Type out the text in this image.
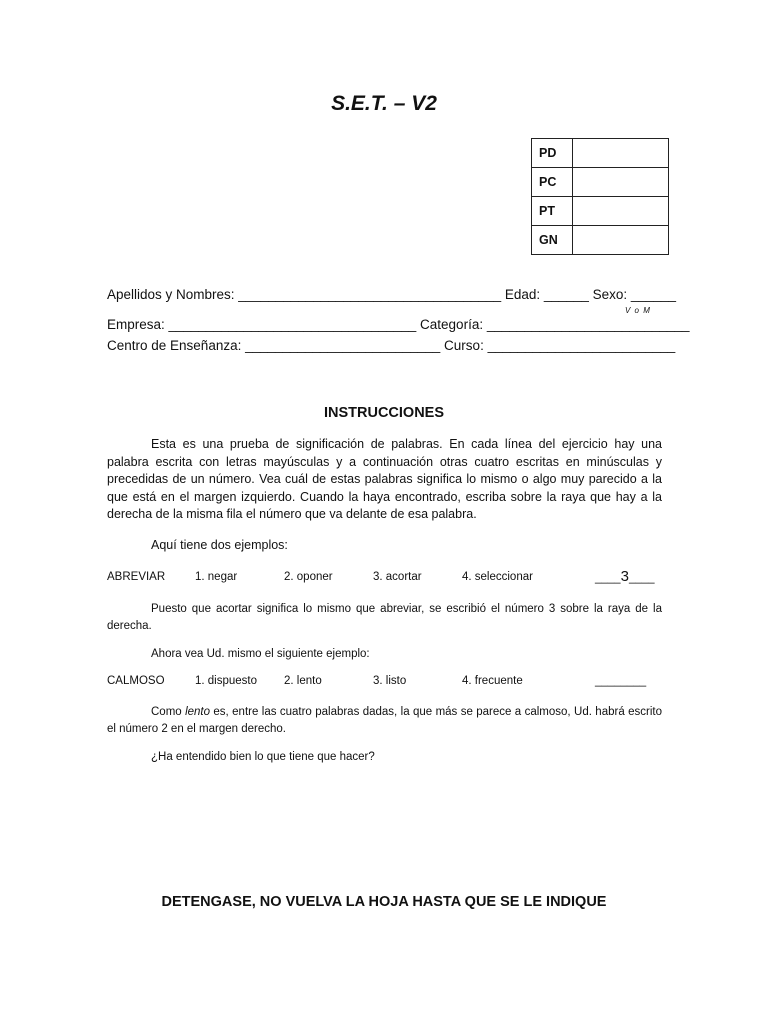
S.E.T. – V2
PD	
PC	
PT	
GN	
Apellidos y Nombres: ___________________________________ Edad: ______ Sexo: ______
V o M
Empresa: _________________________________ Categoría: ___________________________
Centro de Enseñanza: __________________________ Curso: _________________________
INSTRUCCIONES
Esta es una prueba de significación de palabras. En cada línea del ejercicio hay una palabra escrita con letras mayúsculas y a continuación otras cuatro escritas en minúsculas y precedidas de un número. Vea cuál de estas palabras significa lo mismo o algo muy parecido a la que está en el margen izquierdo. Cuando la haya encontrado, escriba sobre la raya que hay a la derecha de la misma fila el número que va delante de esa palabra.
Aquí tiene dos ejemplos:
ABREVIAR	1. negar	2. oponer	3. acortar	4. seleccionar	____3____
Puesto que acortar significa lo mismo que abreviar, se escribió el número 3 sobre la raya de la derecha.
Ahora vea Ud. mismo el siguiente ejemplo:
CALMOSO	1. dispuesto 2. lento	3. listo	4. frecuente	________
Como lento es, entre las cuatro palabras dadas, la que más se parece a calmoso, Ud. habrá escrito el número 2 en el margen derecho.
¿Ha entendido bien lo que tiene que hacer?
DETENGASE, NO VUELVA LA HOJA HASTA QUE SE LE INDIQUE
